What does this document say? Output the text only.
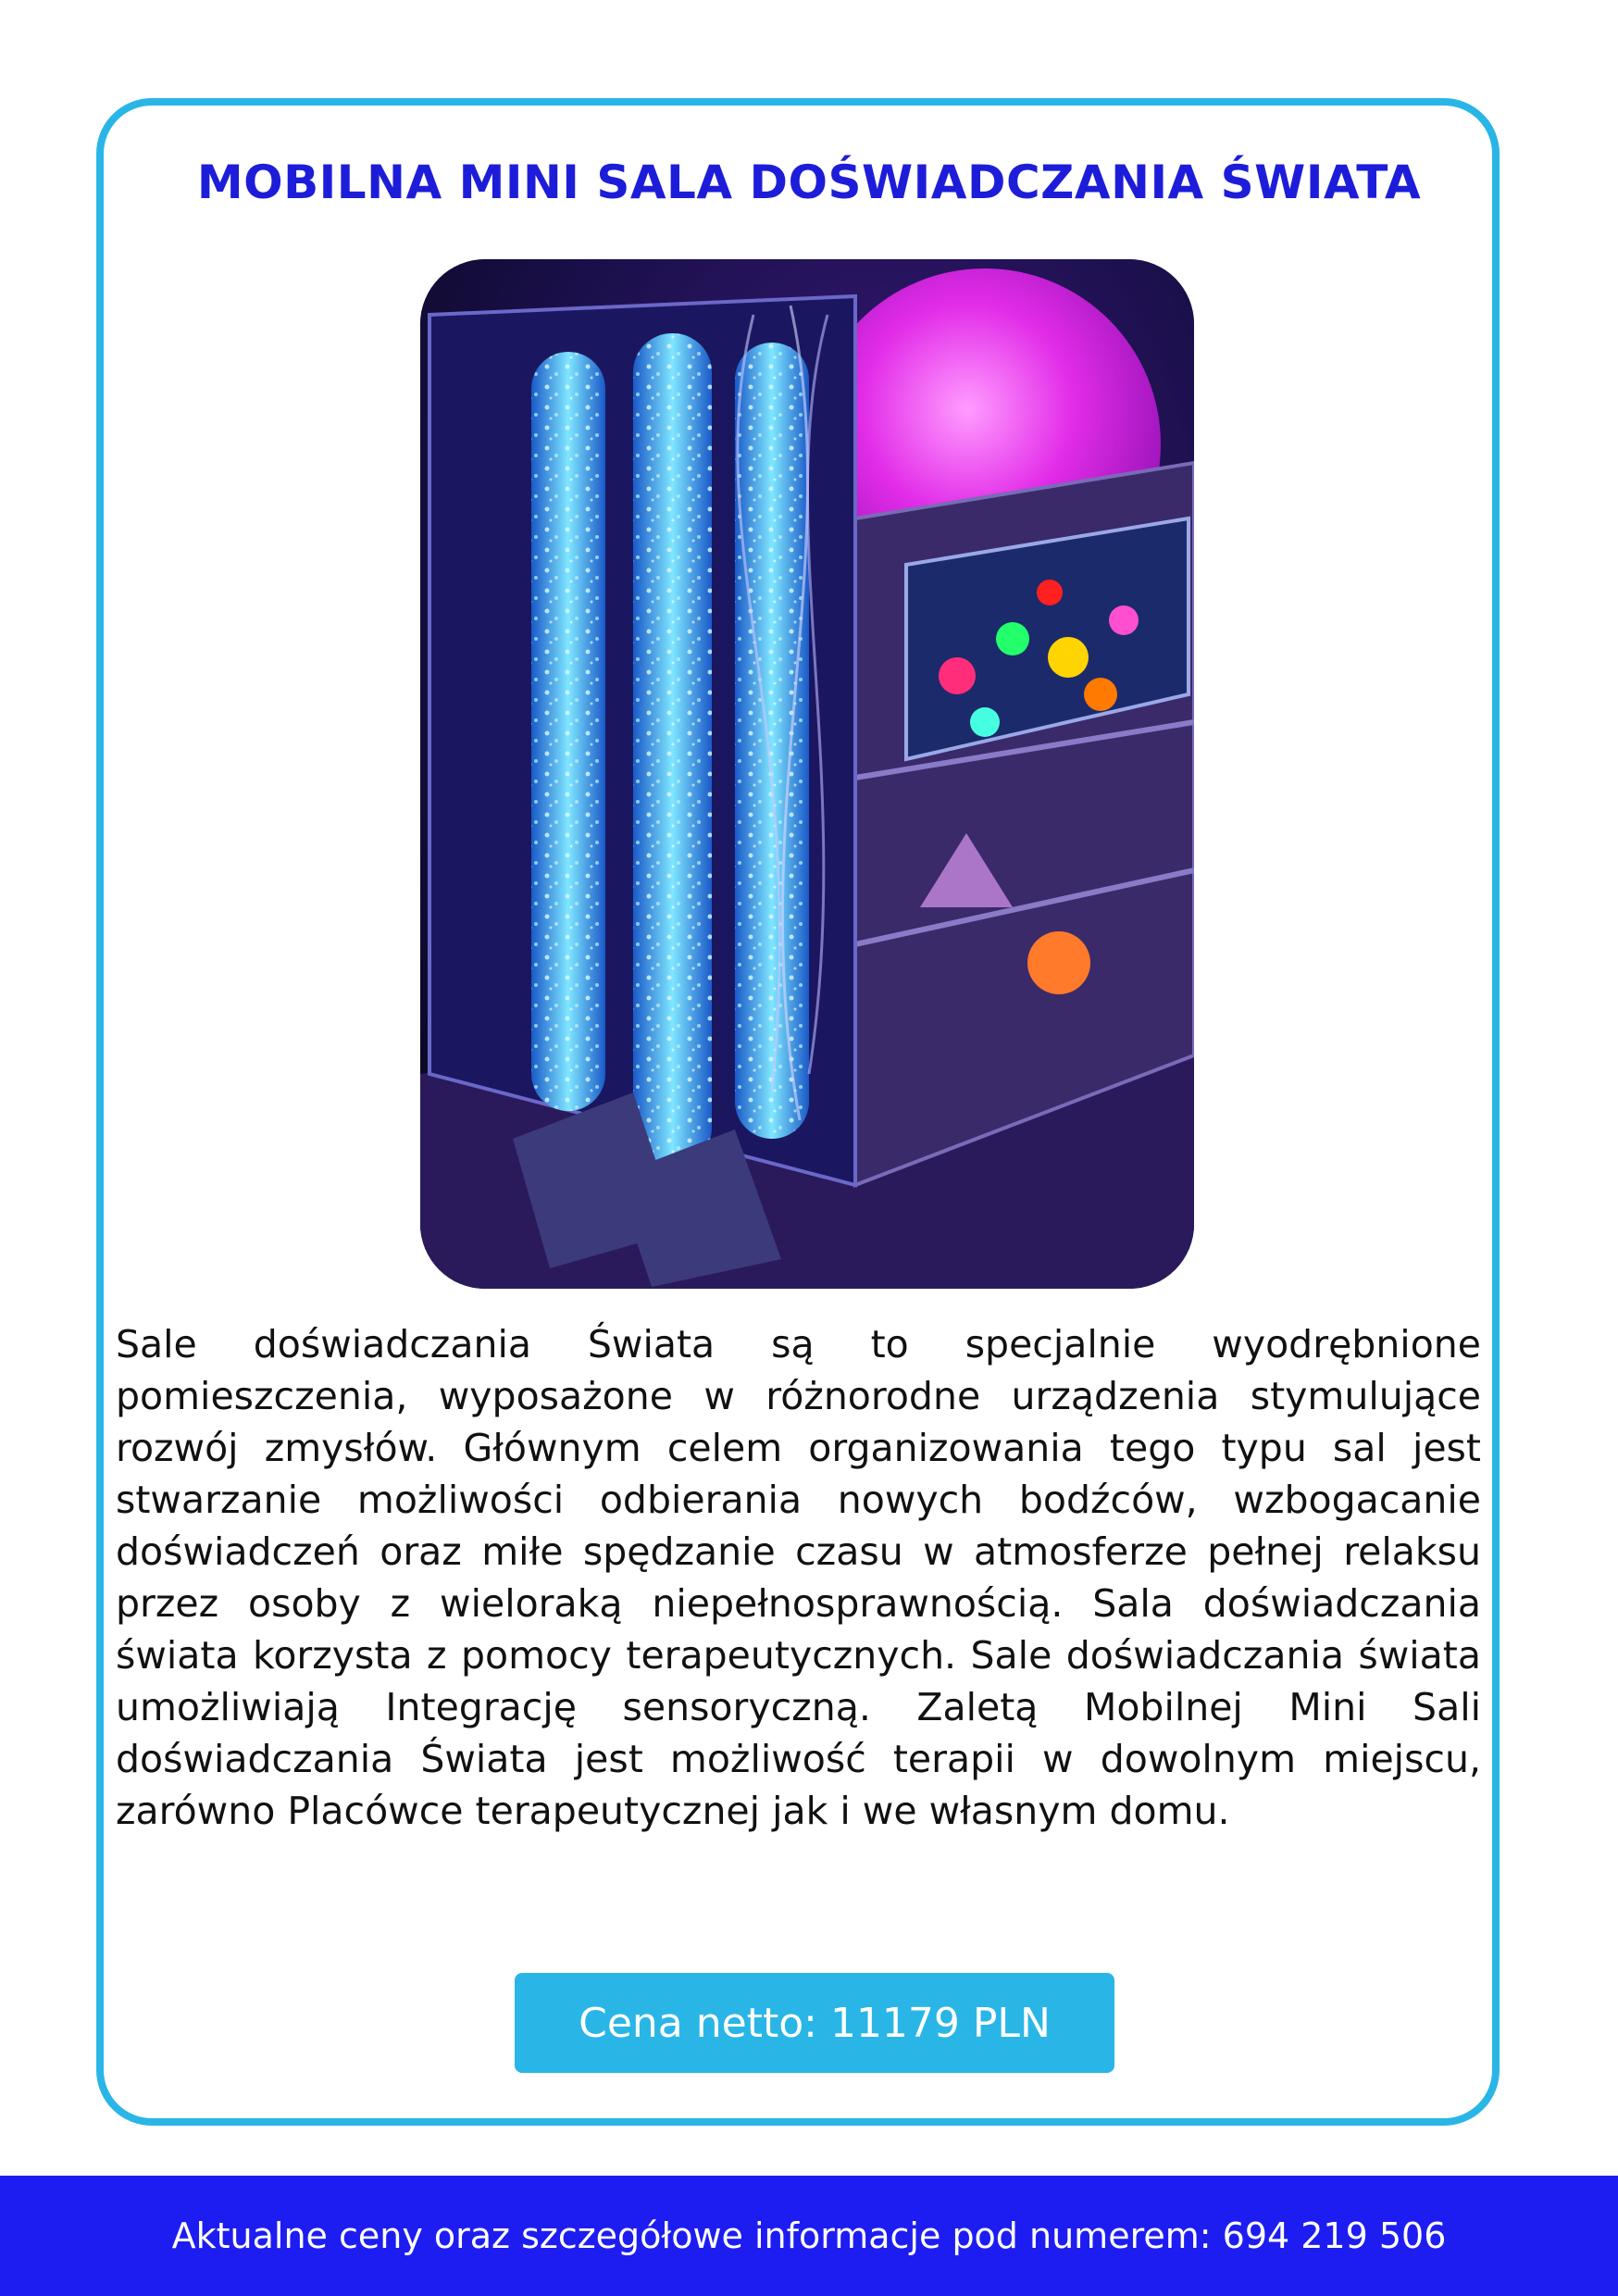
MOBILNA MINI SALA DOŚWIADCZANIA ŚWIATA

Sale doświadczania Świata są to specjalnie wyodrębnione pomieszczenia, wyposażone w różnorodne urządzenia stymulujące rozwój zmysłów. Głównym celem organizowania tego typu sal jest stwarzanie możliwości odbierania nowych bodźców, wzbogacanie doświadczeń oraz miłe spędzanie czasu w atmosferze pełnej relaksu przez osoby z wieloraką niepełnosprawnością. Sala doświadczania świata korzysta z pomocy terapeutycznych. Sale doświadczania świata umożliwiają Integrację sensoryczną. Zaletą Mobilnej Mini Sali doświadczania Świata jest możliwość terapii w dowolnym miejscu, zarówno Placówce terapeutycznej jak i we własnym domu.

Cena netto: 11179 PLN
Aktualne ceny oraz szczegółowe informacje pod numerem: 694 219 506
